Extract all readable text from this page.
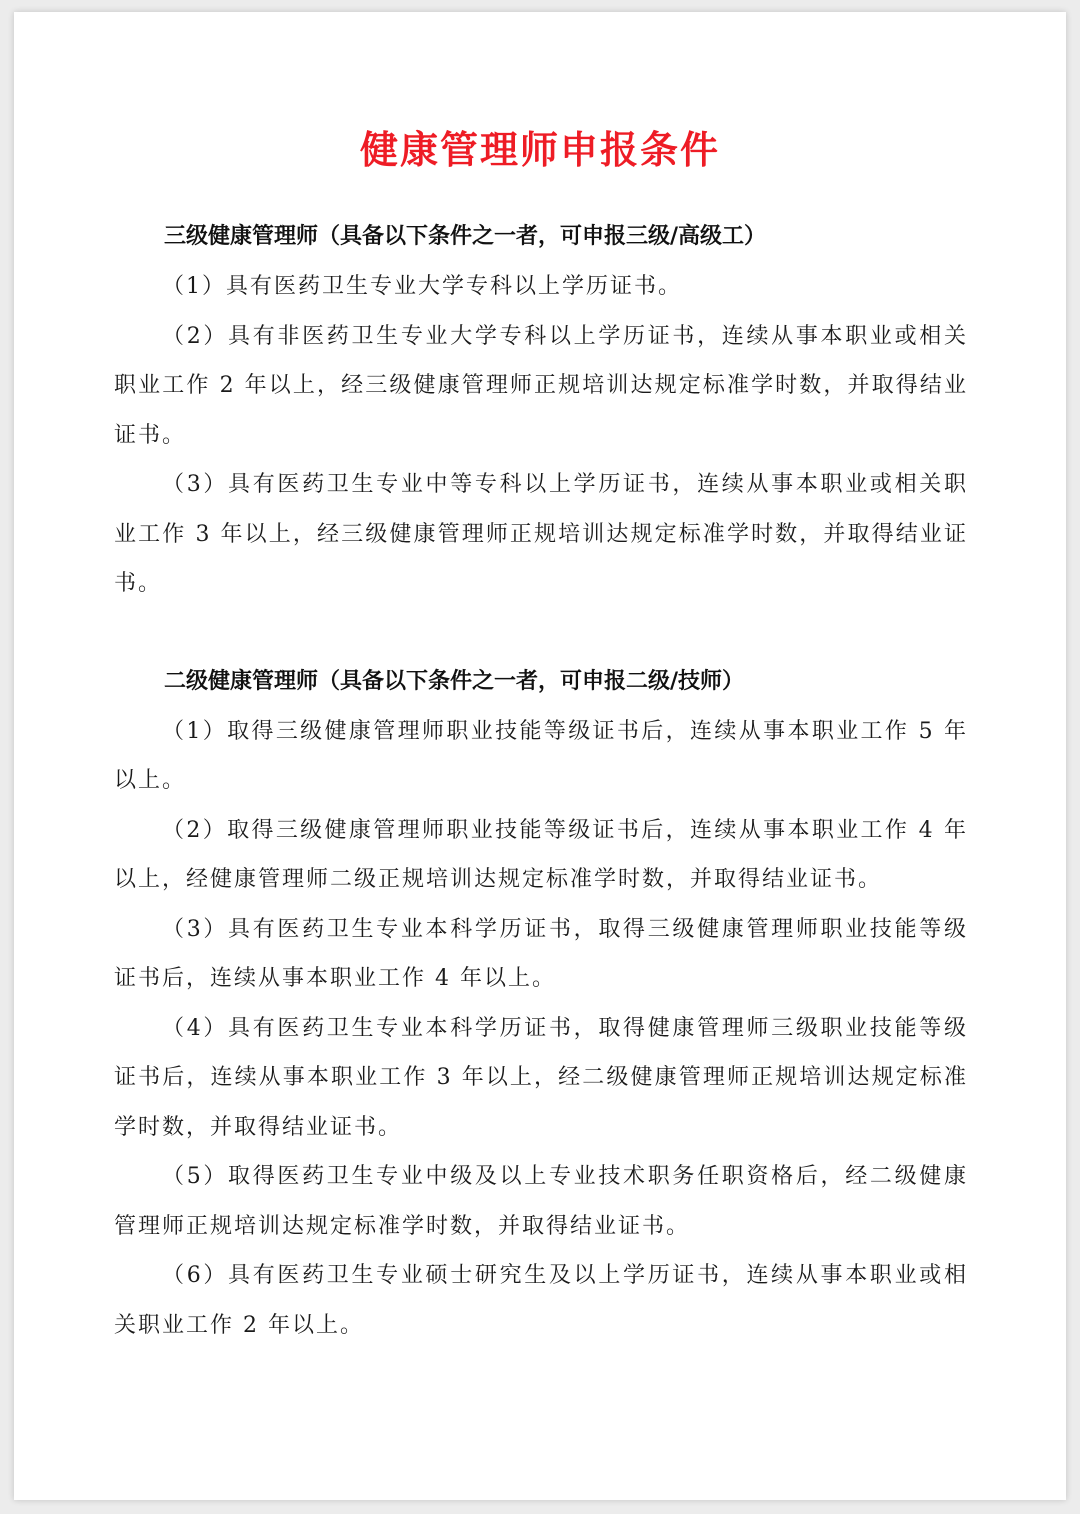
健康管理师申报条件

三级健康管理师（具备以下条件之一者，可申报三级/高级工）

（1）具有医药卫生专业大学专科以上学历证书。

（2）具有非医药卫生专业大学专科以上学历证书，连续从事本职业或相关职业工作 2 年以上，经三级健康管理师正规培训达规定标准学时数，并取得结业证书。

（3）具有医药卫生专业中等专科以上学历证书，连续从事本职业或相关职业工作 3 年以上，经三级健康管理师正规培训达规定标准学时数，并取得结业证书。

二级健康管理师（具备以下条件之一者，可申报二级/技师）

（1）取得三级健康管理师职业技能等级证书后，连续从事本职业工作 5 年以上。

（2）取得三级健康管理师职业技能等级证书后，连续从事本职业工作 4 年以上，经健康管理师二级正规培训达规定标准学时数，并取得结业证书。

（3）具有医药卫生专业本科学历证书，取得三级健康管理师职业技能等级证书后，连续从事本职业工作 4 年以上。

（4）具有医药卫生专业本科学历证书，取得健康管理师三级职业技能等级证书后，连续从事本职业工作 3 年以上，经二级健康管理师正规培训达规定标准学时数，并取得结业证书。

（5）取得医药卫生专业中级及以上专业技术职务任职资格后，经二级健康管理师正规培训达规定标准学时数，并取得结业证书。

（6）具有医药卫生专业硕士研究生及以上学历证书，连续从事本职业或相关职业工作 2 年以上。
